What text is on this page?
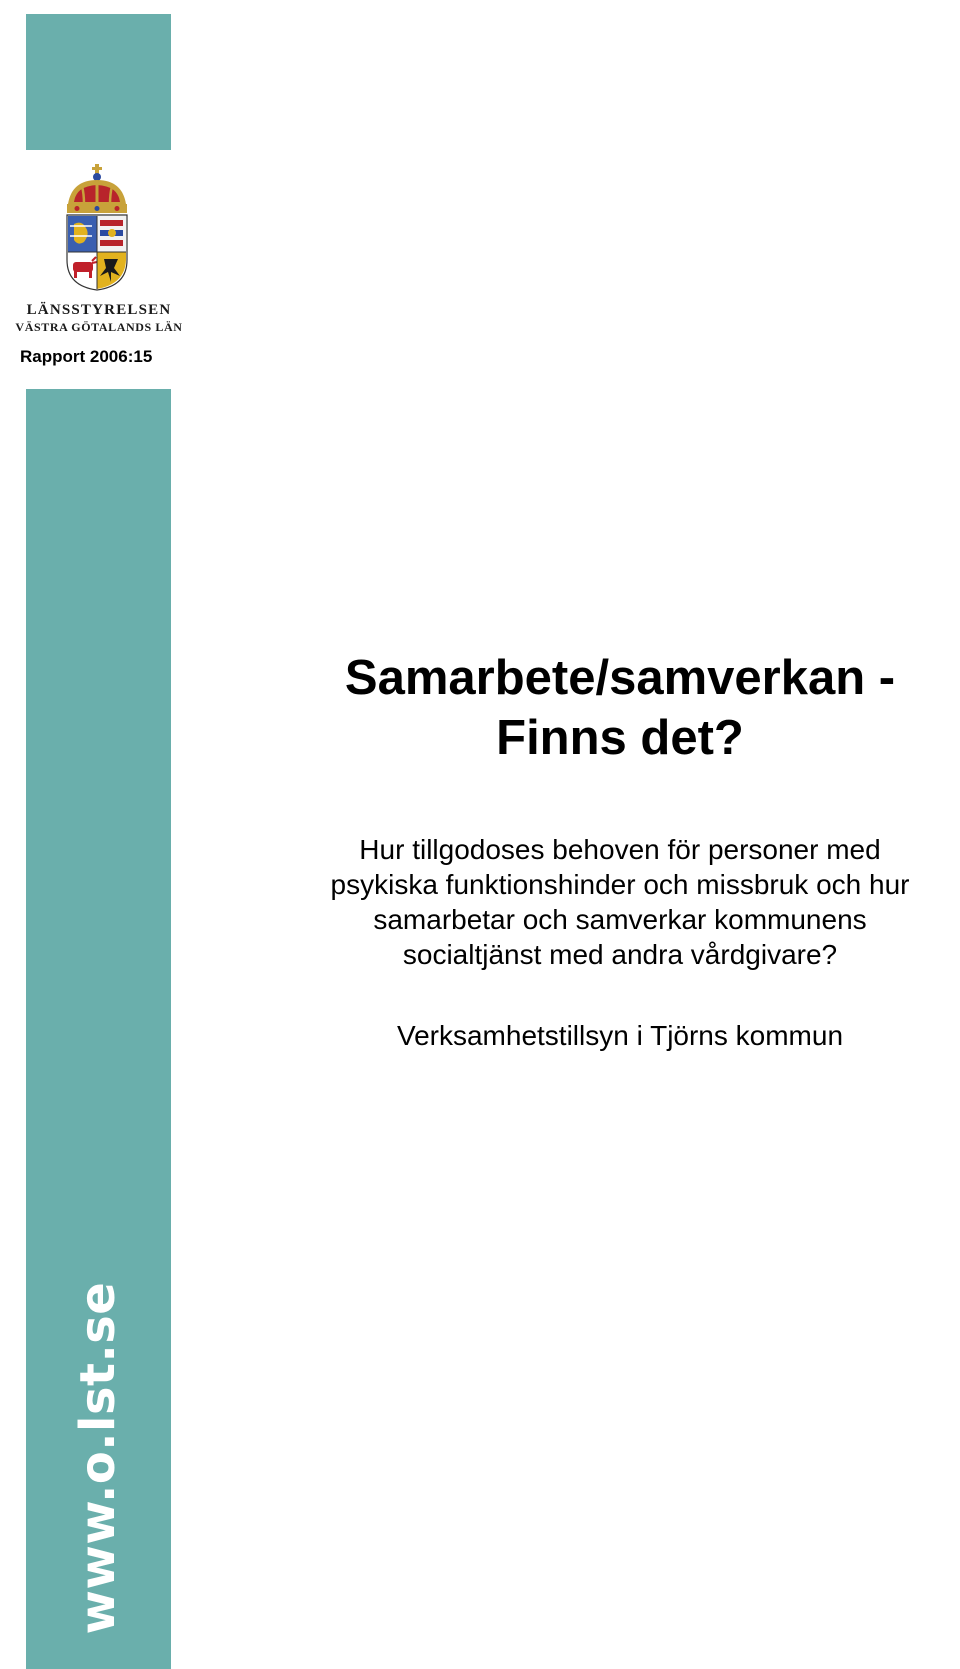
www.o.lst.se
LÄNSSTYRELSEN
VÄSTRA GÖTALANDS LÄN
Rapport 2006:15
Samarbete/samverkan -
Finns det?
Hur tillgodoses behoven för personer med
psykiska funktionshinder och missbruk och hur
samarbetar och samverkar kommunens
socialtjänst med andra vårdgivare?
Verksamhetstillsyn i Tjörns kommun
